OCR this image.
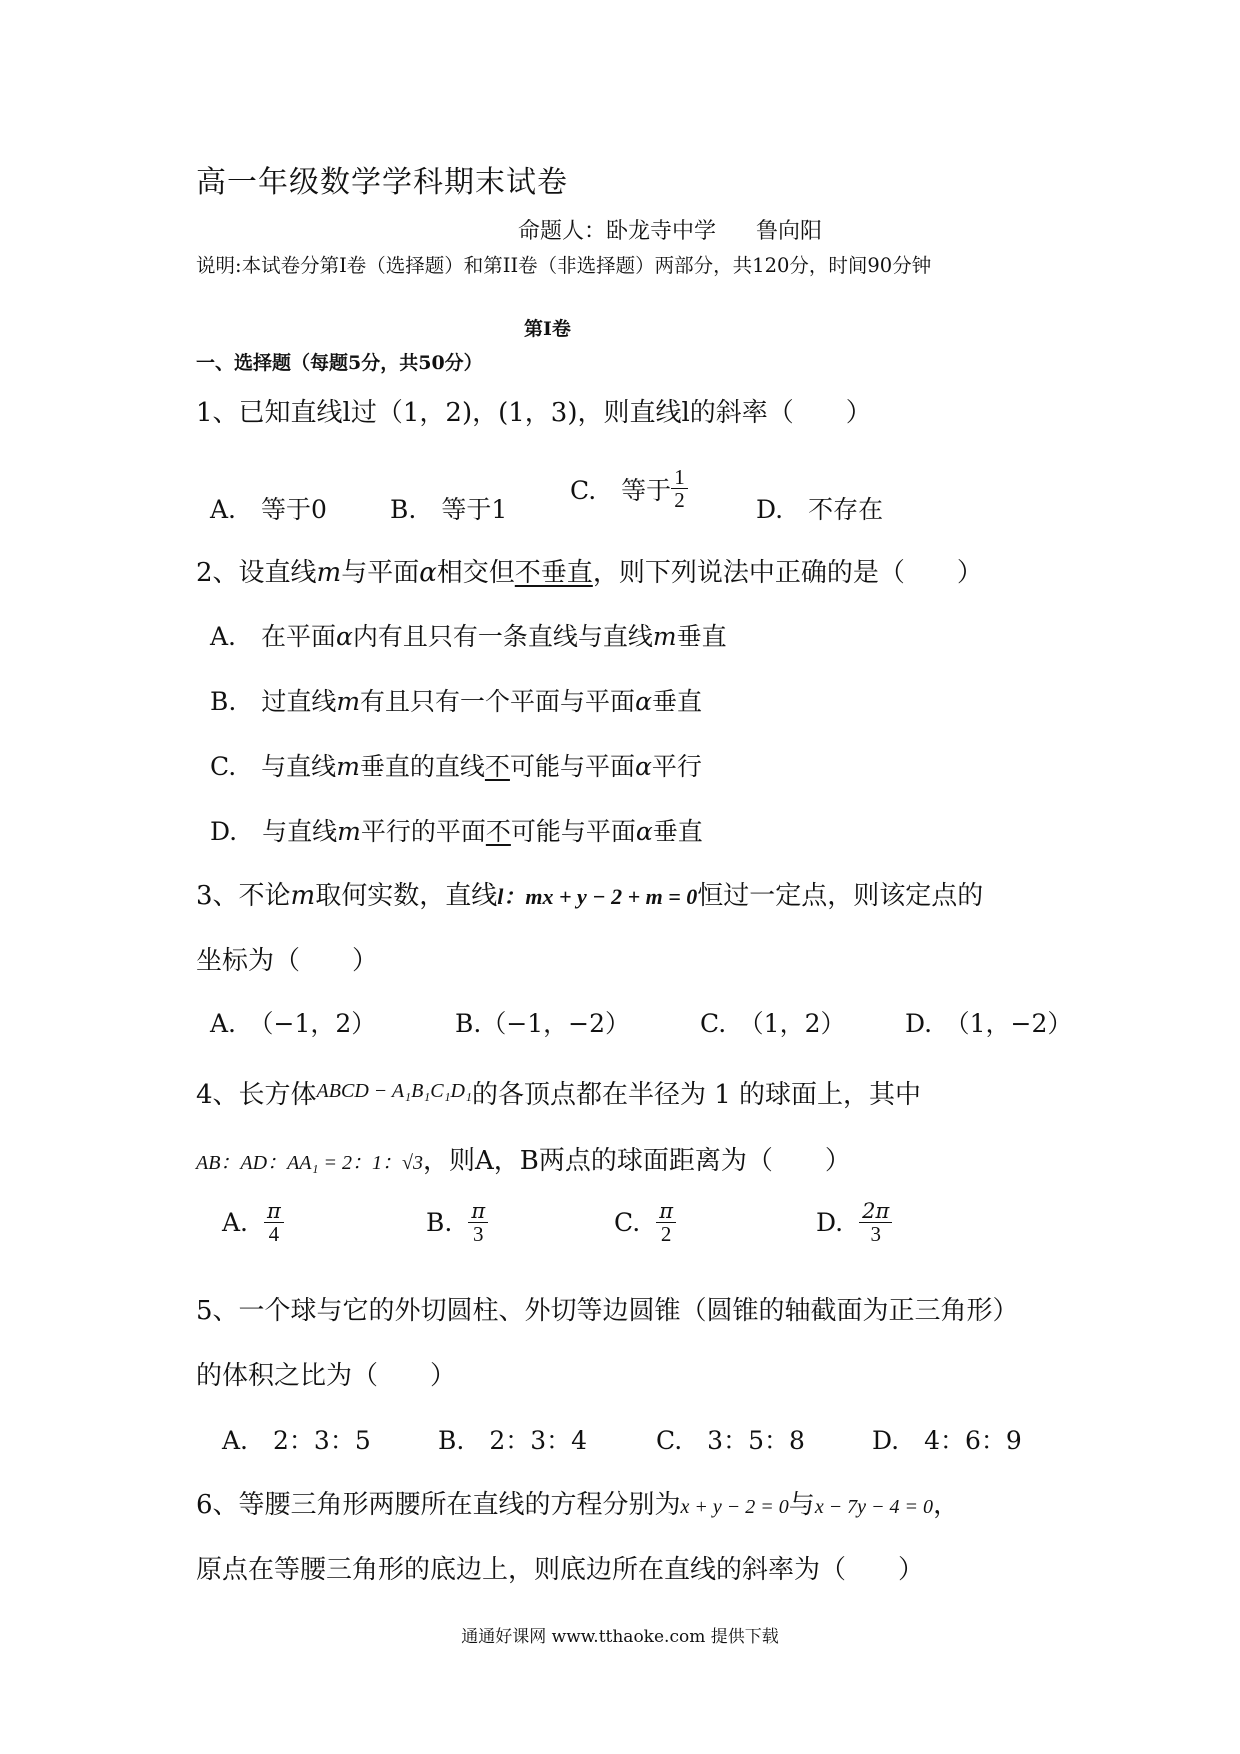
高一年级数学学科期末试卷
命题人：卧龙寺中学 鲁向阳
说明:本试卷分第Ⅰ卷（选择题）和第II卷（非选择题）两部分，共120分，时间90分钟
第Ⅰ卷
一、选择题（每题5分，共50分）
1、已知直线l过（1，2)，(1，3)，则直线l的斜率（　　）
A.　等于0	B.　等于1
C.　等于 $\frac{1}{2}$	D.　不存在
2、设直线m与平面α相交但不垂直，则下列说法中正确的是（　　）
A.　在平面α内有且只有一条直线与直线m垂直
B.　过直线m有且只有一个平面与平面α垂直
C.　与直线m垂直的直线不可能与平面α平行
D.　与直线m平行的平面不可能与平面α垂直
3、不论m取何实数，直线l：mx + y − 2 + m = 0恒过一定点，则该定点的
坐标为（　　）
A.　（−1，2）	B.（−1，−2）	C.　（1，2） D.　（1，−2）
4、长方体$^{ABCD - A_1B_1C_1D_1}$的各顶点都在半径为 1 的球面上，其中
AB：AD：AA₁ = 2：1：√3，则A，B两点的球面距离为（　　）
A. $\frac{\pi}{4}$	B. $\frac{\pi}{3}$	C. $\frac{\pi}{2}$	D. $\frac{2\pi}{3}$
5、一个球与它的外切圆柱、外切等边圆锥（圆锥的轴截面为正三角形）
的体积之比为（　　）
A.　2：3：5	B.　2：3：4	C.　3：5：8	D.　4：6：9
6、等腰三角形两腰所在直线的方程分别为x + y − 2 = 0与x − 7y − 4 = 0，
原点在等腰三角形的底边上，则底边所在直线的斜率为（　　）
通通好课网 www.tthaoke.com 提供下载
